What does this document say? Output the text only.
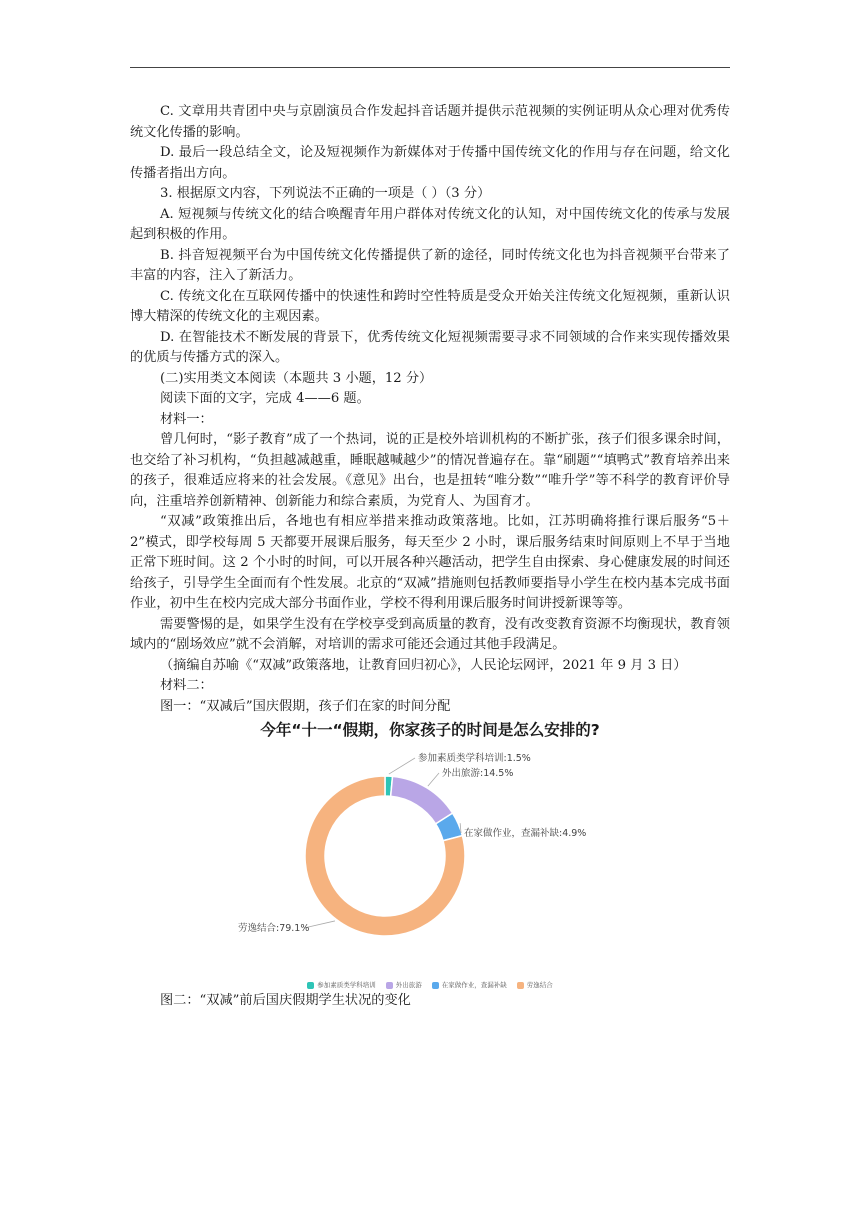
C. 文章用共青团中央与京剧演员合作发起抖音话题并提供示范视频的实例证明从众心理对优秀传统文化传播的影响。

D. 最后一段总结全文，论及短视频作为新媒体对于传播中国传统文化的作用与存在问题，给文化传播者指出方向。

3. 根据原文内容，下列说法不正确的一项是（ ）（3 分）

A. 短视频与传统文化的结合唤醒青年用户群体对传统文化的认知，对中国传统文化的传承与发展起到积极的作用。

B. 抖音短视频平台为中国传统文化传播提供了新的途径，同时传统文化也为抖音视频平台带来了丰富的内容，注入了新活力。

C. 传统文化在互联网传播中的快速性和跨时空性特质是受众开始关注传统文化短视频，重新认识博大精深的传统文化的主观因素。

D. 在智能技术不断发展的背景下，优秀传统文化短视频需要寻求不同领域的合作来实现传播效果的优质与传播方式的深入。

(二)实用类文本阅读（本题共 3 小题，12 分）

阅读下面的文字，完成 4——6 题。

材料一：

曾几何时，“影子教育”成了一个热词，说的正是校外培训机构的不断扩张，孩子们很多课余时间，也交给了补习机构，“负担越减越重，睡眠越喊越少”的情况普遍存在。靠“刷题”“填鸭式”教育培养出来的孩子，很难适应将来的社会发展。《意见》出台，也是扭转“唯分数”“唯升学”等不科学的教育评价导向，注重培养创新精神、创新能力和综合素质，为党育人、为国育才。

“双减”政策推出后，各地也有相应举措来推动政策落地。比如，江苏明确将推行课后服务“5＋2”模式，即学校每周 5 天都要开展课后服务，每天至少 2 小时，课后服务结束时间原则上不早于当地正常下班时间。这 2 个小时的时间，可以开展各种兴趣活动，把学生自由探索、身心健康发展的时间还给孩子，引导学生全面而有个性发展。北京的“双减”措施则包括教师要指导小学生在校内基本完成书面作业，初中生在校内完成大部分书面作业，学校不得利用课后服务时间讲授新课等等。

需要警惕的是，如果学生没有在学校享受到高质量的教育，没有改变教育资源不均衡现状，教育领域内的“剧场效应”就不会消解，对培训的需求可能还会通过其他手段满足。

（摘编自苏喻《“双减”政策落地，让教育回归初心》，人民论坛网评，2021 年 9 月 3 日）

材料二：

图一：“双减后”国庆假期，孩子们在家的时间分配

今年“十一“假期，你家孩子的时间是怎么安排的?
参加素质类学科培训:1.5%
外出旅游:14.5%
在家做作业，查漏补缺:4.9%
劳逸结合:79.1%
参加素质类学科培训	外出旅游	在家做作业，查漏补缺	劳逸结合

图二：“双减”前后国庆假期学生状况的变化
